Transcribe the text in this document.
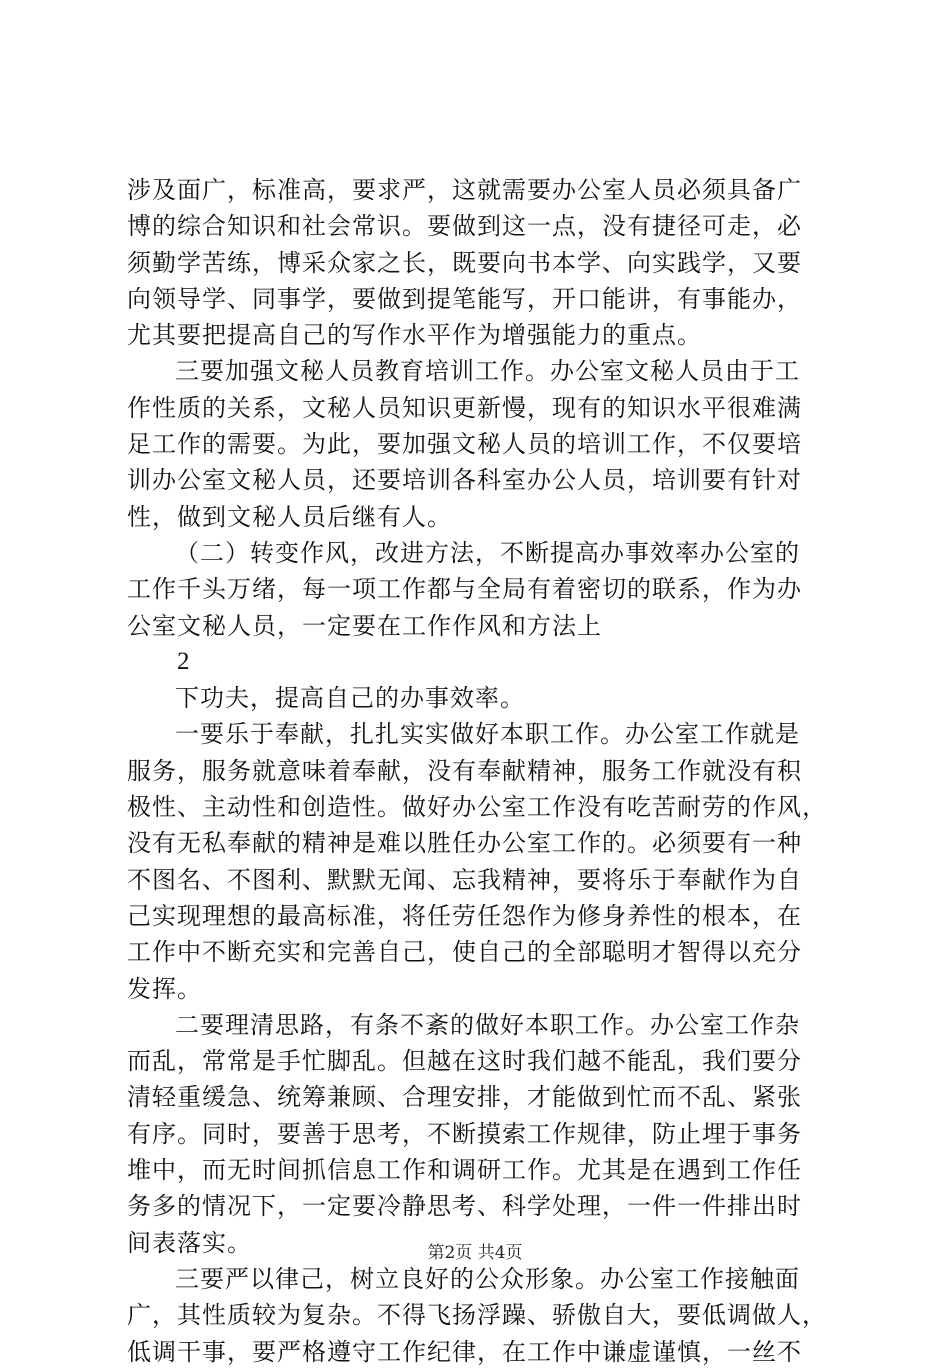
涉及面广，标准高，要求严，这就需要办公室人员必须具备广
博的综合知识和社会常识。要做到这一点，没有捷径可走，必
须勤学苦练，博采众家之长，既要向书本学、向实践学，又要
向领导学、同事学，要做到提笔能写，开口能讲，有事能办，
尤其要把提高自己的写作水平作为增强能力的重点。
三要加强文秘人员教育培训工作。办公室文秘人员由于工
作性质的关系，文秘人员知识更新慢，现有的知识水平很难满
足工作的需要。为此，要加强文秘人员的培训工作，不仅要培
训办公室文秘人员，还要培训各科室办公人员，培训要有针对
性，做到文秘人员后继有人。
（二）转变作风，改进方法，不断提高办事效率办公室的
工作千头万绪，每一项工作都与全局有着密切的联系，作为办
公室文秘人员，一定要在工作作风和方法上
2
下功夫，提高自己的办事效率。
一要乐于奉献，扎扎实实做好本职工作。办公室工作就是
服务，服务就意味着奉献，没有奉献精神，服务工作就没有积
极性、主动性和创造性。做好办公室工作没有吃苦耐劳的作风，
没有无私奉献的精神是难以胜任办公室工作的。必须要有一种
不图名、不图利、默默无闻、忘我精神，要将乐于奉献作为自
己实现理想的最高标准，将任劳任怨作为修身养性的根本，在
工作中不断充实和完善自己，使自己的全部聪明才智得以充分
发挥。
二要理清思路，有条不紊的做好本职工作。办公室工作杂
而乱，常常是手忙脚乱。但越在这时我们越不能乱，我们要分
清轻重缓急、统筹兼顾、合理安排，才能做到忙而不乱、紧张
有序。同时，要善于思考，不断摸索工作规律，防止埋于事务
堆中，而无时间抓信息工作和调研工作。尤其是在遇到工作任
务多的情况下，一定要冷静思考、科学处理，一件一件排出时
间表落实。
三要严以律己，树立良好的公众形象。办公室工作接触面
广，其性质较为复杂。不得飞扬浮躁、骄傲自大，要低调做人，
低调干事，要严格遵守工作纪律，在工作中谦虚谨慎，一丝不
第2页 共4页
